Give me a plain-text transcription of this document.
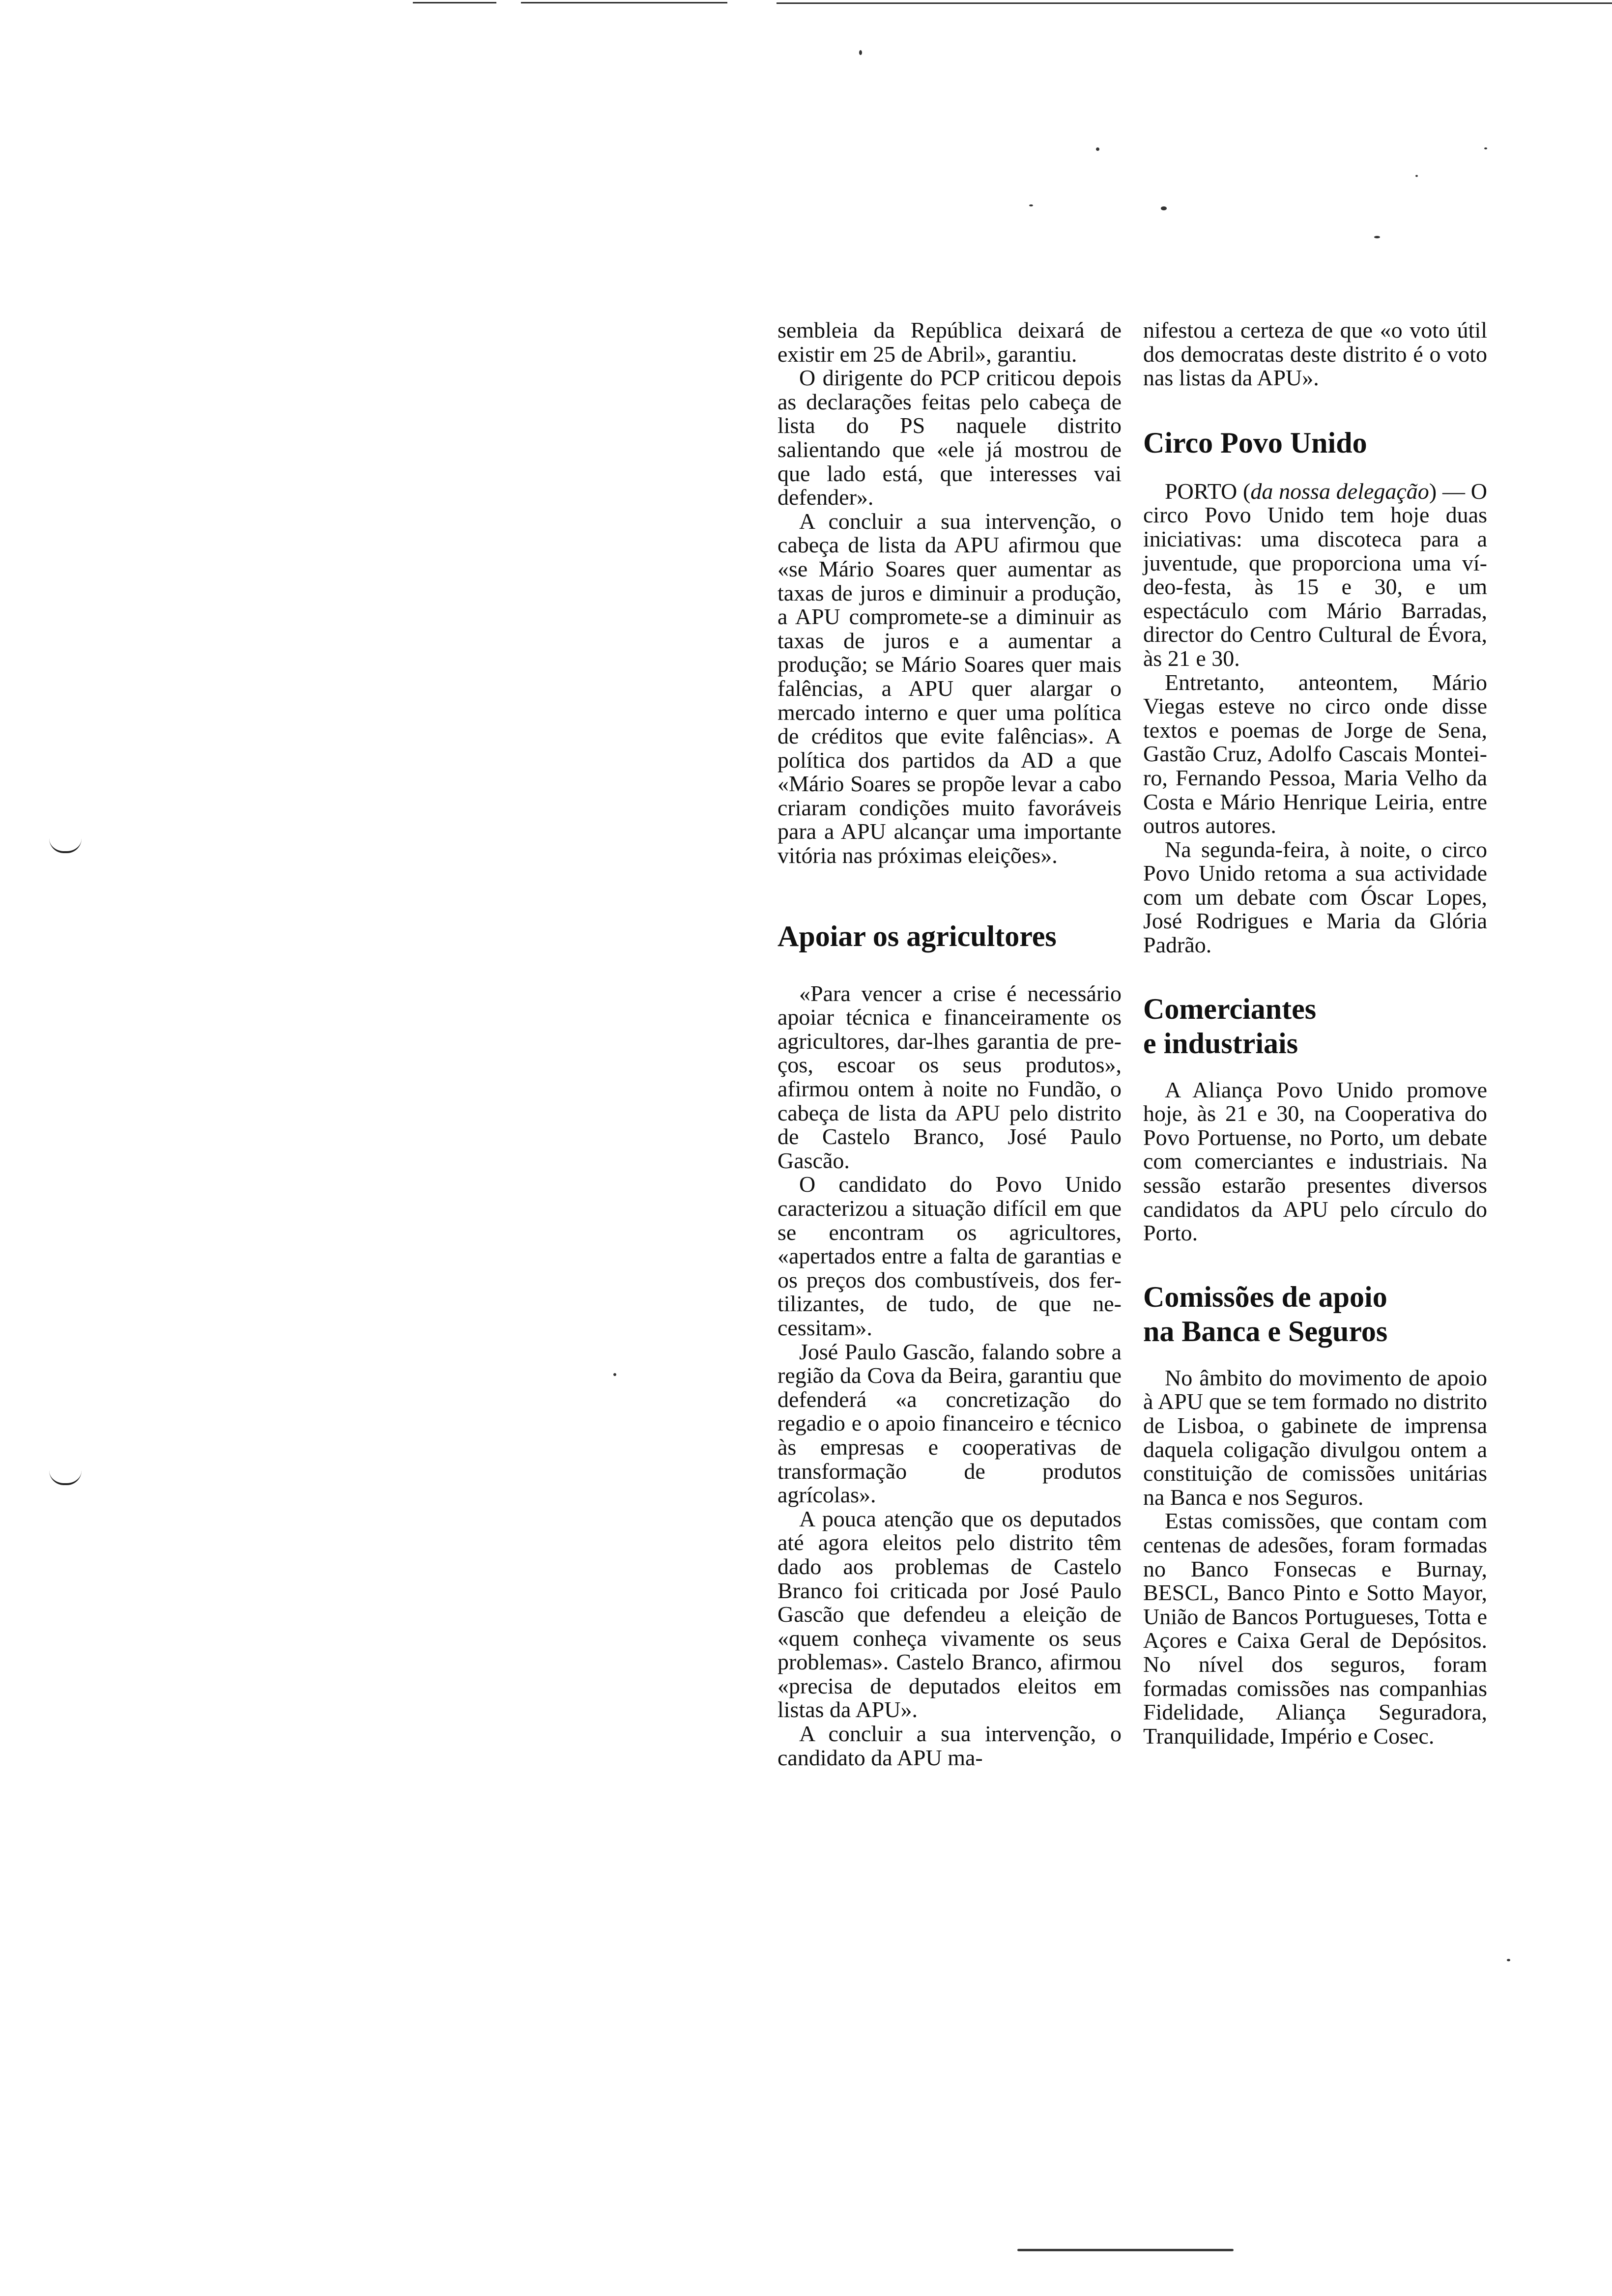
sembleia da República deixará de existir em 25 de Abril», garantiu.

O dirigente do PCP criticou depois as declarações feitas pelo cabeça de lista do PS naquele distrito salientando que «ele já mostrou de que lado está, que interesses vai defender».

A concluir a sua intervenção, o cabeça de lista da APU afirmou que «se Mário Soares quer aumentar as taxas de juros e diminuir a produção, a APU compromete-se a diminuir as taxas de juros e a aumentar a produção; se Mário Soares quer mais falências, a APU quer alargar o mercado interno e quer uma política de créditos que evite falências». A política dos partidos da AD a que «Mário Soares se propõe levar a cabo criaram condições muito favoráveis para a APU alcançar uma importante vitória nas próximas eleições».

Apoiar os agricultores

«Para vencer a crise é necessário apoiar técnica e financeiramente os agricultores, dar-lhes garantia de preços, escoar os seus produtos», afirmou ontem à noite no Fundão, o cabeça de lista da APU pelo distrito de Castelo Branco, José Paulo Gascão.

O candidato do Povo Unido caracterizou a situação difícil em que se encontram os agricultores, «apertados entre a falta de garantias e os preços dos combustíveis, dos fertilizantes, de tudo, de que necessitam».

José Paulo Gascão, falando sobre a região da Cova da Beira, garantiu que defenderá «a concretização do regadio e o apoio financeiro e técnico às empresas e cooperativas de transformação de produtos agrícolas».

A pouca atenção que os deputados até agora eleitos pelo distrito têm dado aos problemas de Castelo Branco foi criticada por José Paulo Gascão que defendeu a eleição de «quem conheça vivamente os seus problemas». Castelo Branco, afirmou «precisa de deputados eleitos em listas da APU».

A concluir a sua intervenção, o candidato da APU ma-

nifestou a certeza de que «o voto útil dos democratas deste distrito é o voto nas listas da APU».

Circo Povo Unido

PORTO (da nossa delegação) — O circo Povo Unido tem hoje duas iniciativas: uma discoteca para a juventude, que proporciona uma vídeo-festa, às 15 e 30, e um espectáculo com Mário Barradas, director do Centro Cultural de Évora, às 21 e 30.

Entretanto, anteontem, Mário Viegas esteve no circo onde disse textos e poemas de Jorge de Sena, Gastão Cruz, Adolfo Cascais Monteiro, Fernando Pessoa, Maria Velho da Costa e Mário Henrique Leiria, entre outros autores.

Na segunda-feira, à noite, o circo Povo Unido retoma a sua actividade com um debate com Óscar Lopes, José Rodrigues e Maria da Glória Padrão.

Comerciantes
e industriais

A Aliança Povo Unido promove hoje, às 21 e 30, na Cooperativa do Povo Portuense, no Porto, um debate com comerciantes e industriais. Na sessão estarão presentes diversos candidatos da APU pelo círculo do Porto.

Comissões de apoio
na Banca e Seguros

No âmbito do movimento de apoio à APU que se tem formado no distrito de Lisboa, o gabinete de imprensa daquela coligação divulgou ontem a constituição de comissões unitárias na Banca e nos Seguros.

Estas comissões, que contam com centenas de adesões, foram formadas no Banco Fonsecas e Burnay, BESCL, Banco Pinto e Sotto Mayor, União de Bancos Portugueses, Totta e Açores e Caixa Geral de Depósitos. No nível dos seguros, foram formadas comissões nas companhias Fidelidade, Aliança Seguradora, Tranquilidade, Império e Cosec.
